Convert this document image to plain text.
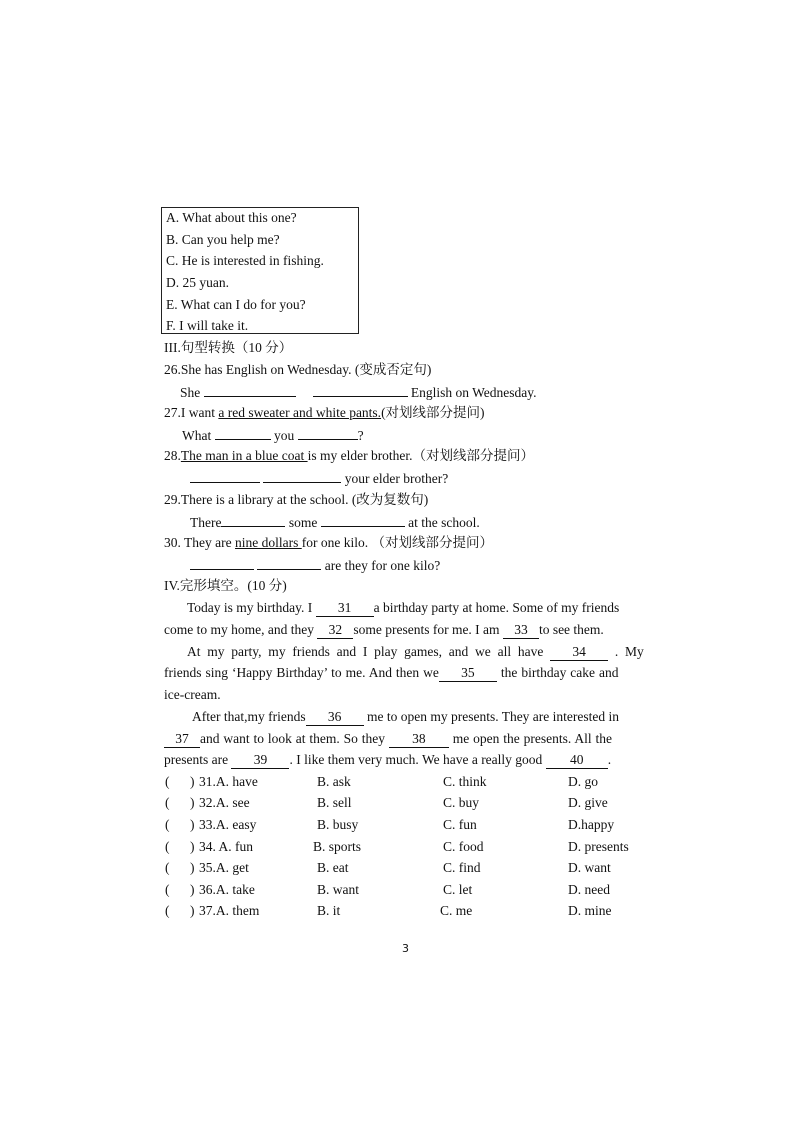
A. What about this one?
B. Can you help me?
C. He is interested in fishing.
D. 25 yuan.
E. What can I do for you?
F. I will take it.
III.句型转换（10 分）
26.She has English on Wednesday. (变成否定句)
She	English on Wednesday.
27.I want a red sweater and white pants.(对划线部分提问)
What	you	?
28.The man in a blue coat is my elder brother.（对划线部分提问）
your elder brother?
29.There is a library at the school. (改为复数句)
There	some	at the school.
30. They are nine dollars for one kilo. （对划线部分提问）
are they for one kilo?
IV.完形填空。(10 分)
Today is my birthday. I 31 a birthday party at home. Some of my friends
come to my home, and they 32 some presents for me. I am 33 to see them.
At my party, my friends and I play games, and we all have 34 . My
friends sing ‘Happy Birthday’ to me. And then we 35 the birthday cake and
ice-cream.
After that,my friends 36 me to open my presents. They are interested in
37 and want to look at them. So they 38 me open the presents. All the
presents are 39 . I like them very much. We have a really good 40 .
( ) 31.A. have	B. ask	C. think	D. go
( ) 32.A. see	B. sell	C. buy	D. give
( ) 33.A. easy	B. busy	C. fun	D.happy
( ) 34. A. fun	B. sports	C. food	D. presents
( ) 35.A. get	B. eat	C. find	D. want
( ) 36.A. take	B. want	C. let	D. need
( ) 37.A. them	B. it	C. me	D. mine
3
